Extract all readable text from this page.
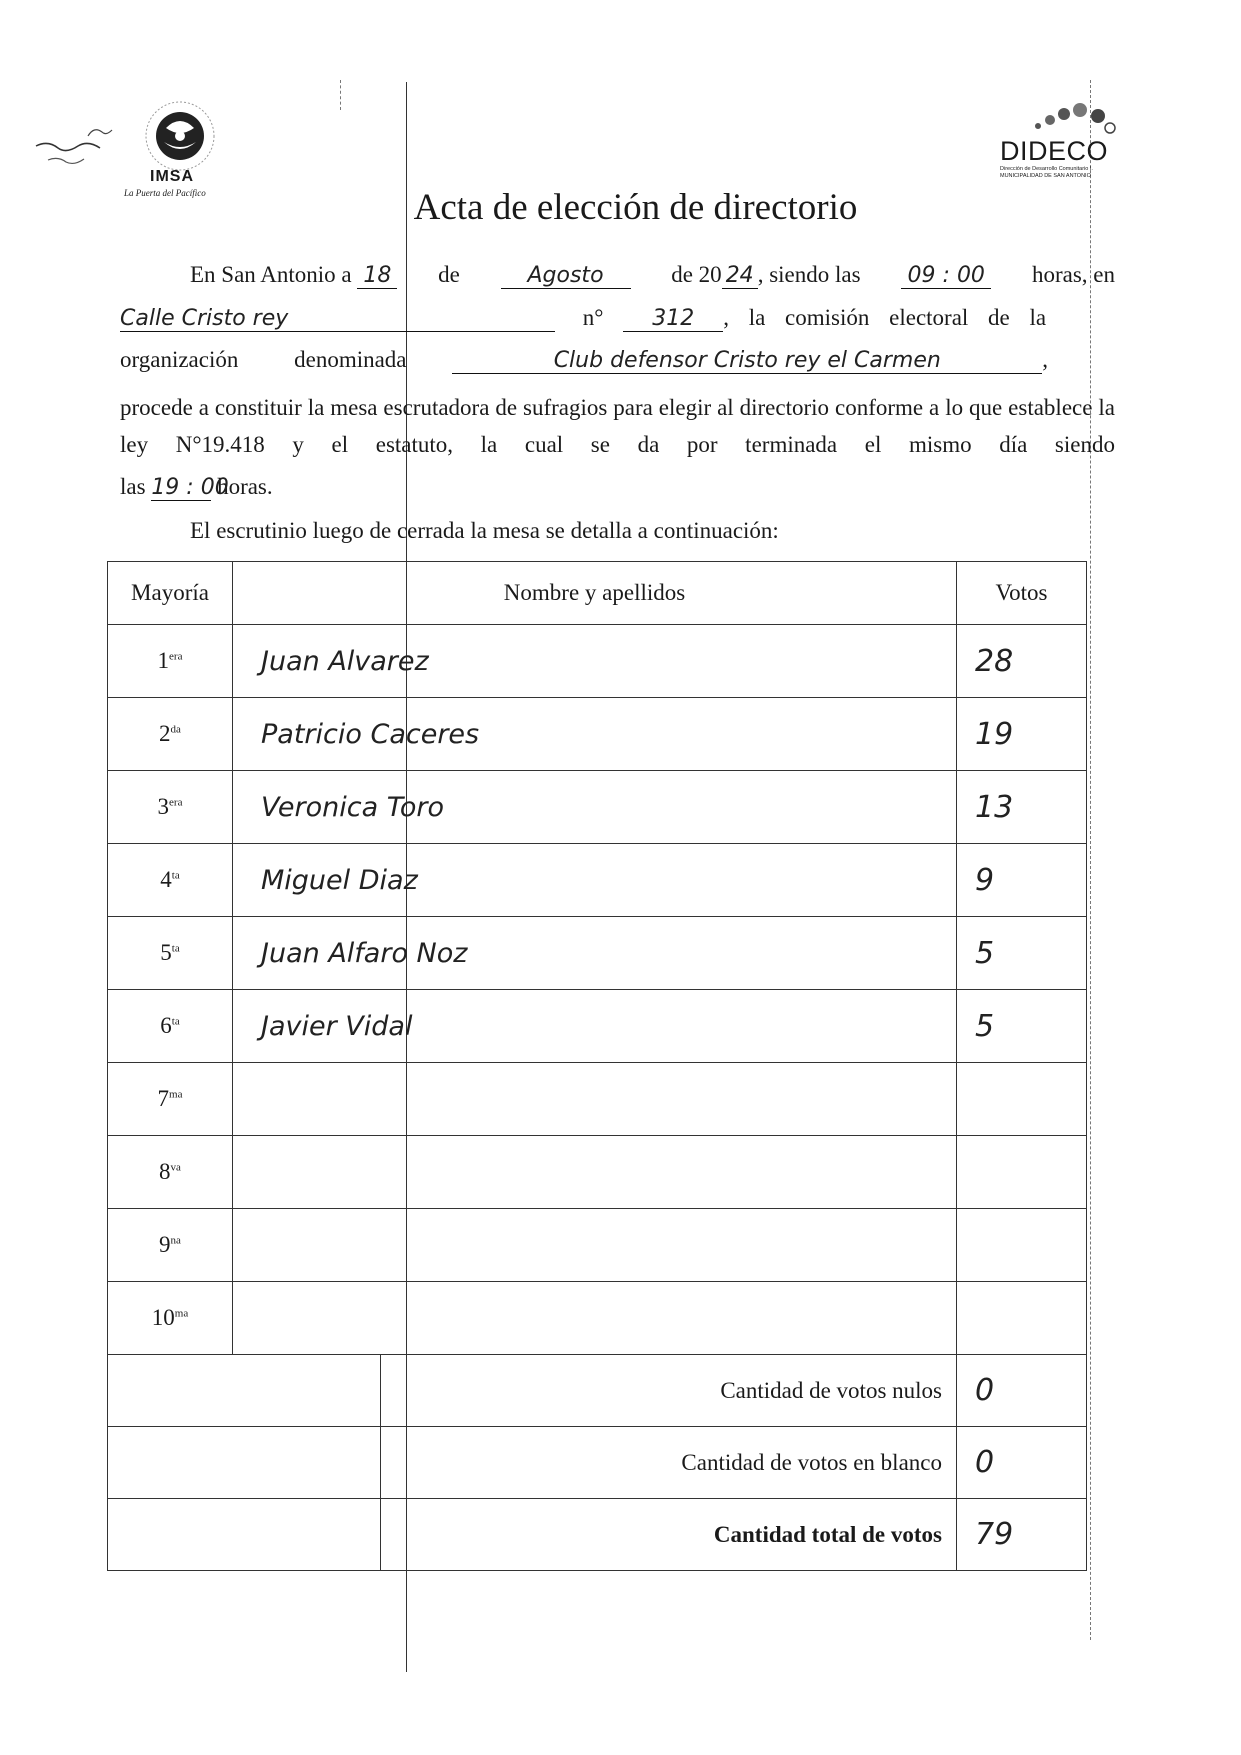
IMSA
La Puerta del Pacífico
DIDECO
Dirección de Desarrollo Comunitario I. MUNICIPALIDAD DE SAN ANTONIO
Acta de elección de directorio
En San Antonio a 18 de	Agosto	de 20 24 , siendo las 09 : 00 horas, en
Calle Cristo rey	n° 312 , la comisión electoral de la
organización denominada	Club defensor Cristo rey el Carmen	,
procede a constituir la mesa escrutadora de sufragios para elegir al directorio conforme a lo que establece la ley N°19.418 y el estatuto, la cual se da por terminada el mismo día siendo
las 19 : 00 horas.
El escrutinio luego de cerrada la mesa se detalla a continuación:
Mayoría	Nombre y apellidos	Votos
$1^{era}$	Juan Alvarez	28
$2^{da}$	Patricio Caceres	19
$3^{era}$	Veronica Toro	13
$4^{ta}$	Miguel Diaz	9
$5^{ta}$	Juan Alfaro Noz	5
$6^{ta}$	Javier Vidal	5
$7^{ma}$		
$8^{va}$		
$9^{na}$		
$10^{ma}$		

Cantidad de votos nulos		0

Cantidad de votos en blanco		0

Cantidad total de votos		79
